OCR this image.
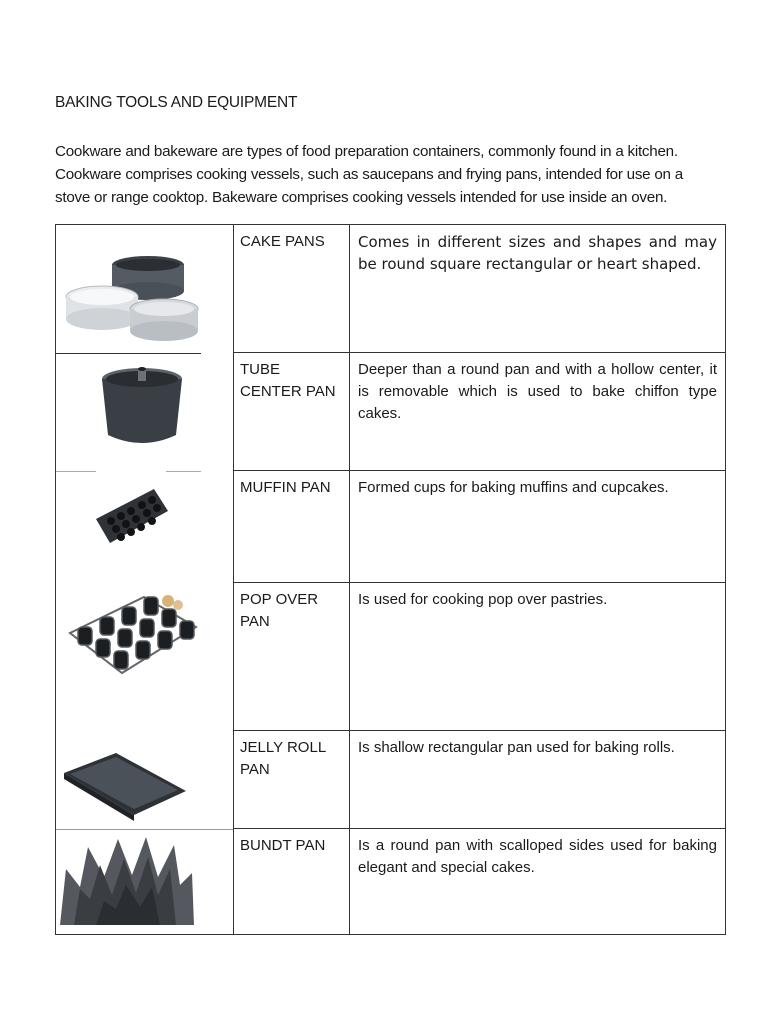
BAKING TOOLS AND EQUIPMENT

Cookware and bakeware are types of food preparation containers, commonly found in a kitchen. Cookware comprises cooking vessels, such as saucepans and frying pans, intended for use on a stove or range cooktop. Bakeware comprises cooking vessels intended for use inside an oven.

	CAKE PANS	Comes in different sizes and shapes and may be round square rectangular or heart shaped.

	TUBE CENTER PAN	Deeper than a round pan and with a hollow center, it is removable which is used to bake chiffon type cakes.

	MUFFIN PAN	Formed cups for baking muffins and cupcakes.

	POP OVER PAN	Is used for cooking pop over pastries.

	JELLY ROLL PAN	Is shallow rectangular pan used for baking rolls.

	BUNDT PAN	Is a round pan with scalloped sides used for baking elegant and special cakes.
